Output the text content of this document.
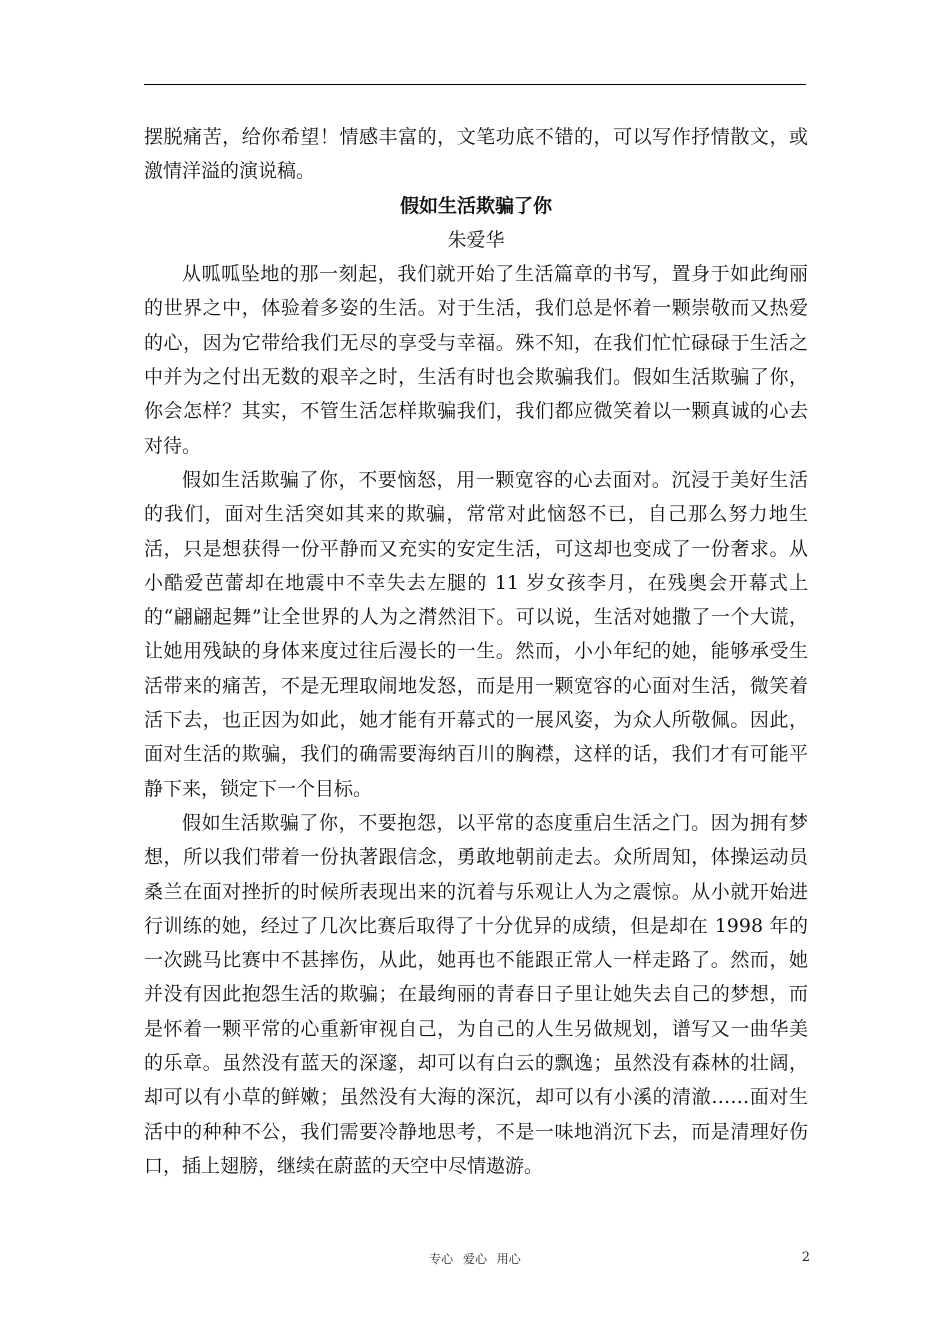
摆脱痛苦，给你希望！情感丰富的，文笔功底不错的，可以写作抒情散文，或激情洋溢的演说稿。

假如生活欺骗了你

朱爱华

从呱呱坠地的那一刻起，我们就开始了生活篇章的书写，置身于如此绚丽的世界之中，体验着多姿的生活。对于生活，我们总是怀着一颗崇敬而又热爱的心，因为它带给我们无尽的享受与幸福。殊不知，在我们忙忙碌碌于生活之中并为之付出无数的艰辛之时，生活有时也会欺骗我们。假如生活欺骗了你，你会怎样？其实，不管生活怎样欺骗我们，我们都应微笑着以一颗真诚的心去对待。

假如生活欺骗了你，不要恼怒，用一颗宽容的心去面对。沉浸于美好生活的我们，面对生活突如其来的欺骗，常常对此恼怒不已，自己那么努力地生活，只是想获得一份平静而又充实的安定生活，可这却也变成了一份奢求。从小酷爱芭蕾却在地震中不幸失去左腿的 11 岁女孩李月，在残奥会开幕式上的“翩翩起舞”让全世界的人为之潸然泪下。可以说，生活对她撒了一个大谎，让她用残缺的身体来度过往后漫长的一生。然而，小小年纪的她，能够承受生活带来的痛苦，不是无理取闹地发怒，而是用一颗宽容的心面对生活，微笑着活下去，也正因为如此，她才能有开幕式的一展风姿，为众人所敬佩。因此，面对生活的欺骗，我们的确需要海纳百川的胸襟，这样的话，我们才有可能平静下来，锁定下一个目标。

假如生活欺骗了你，不要抱怨，以平常的态度重启生活之门。因为拥有梦想，所以我们带着一份执著跟信念，勇敢地朝前走去。众所周知，体操运动员桑兰在面对挫折的时候所表现出来的沉着与乐观让人为之震惊。从小就开始进行训练的她，经过了几次比赛后取得了十分优异的成绩，但是却在 1998 年的一次跳马比赛中不甚摔伤，从此，她再也不能跟正常人一样走路了。然而，她并没有因此抱怨生活的欺骗；在最绚丽的青春日子里让她失去自己的梦想，而是怀着一颗平常的心重新审视自己，为自己的人生另做规划，谱写又一曲华美的乐章。虽然没有蓝天的深邃，却可以有白云的飘逸；虽然没有森林的壮阔，却可以有小草的鲜嫩；虽然没有大海的深沉，却可以有小溪的清澈……面对生活中的种种不公，我们需要冷静地思考，不是一味地消沉下去，而是清理好伤口，插上翅膀，继续在蔚蓝的天空中尽情遨游。

专心 爱心 用心	2
